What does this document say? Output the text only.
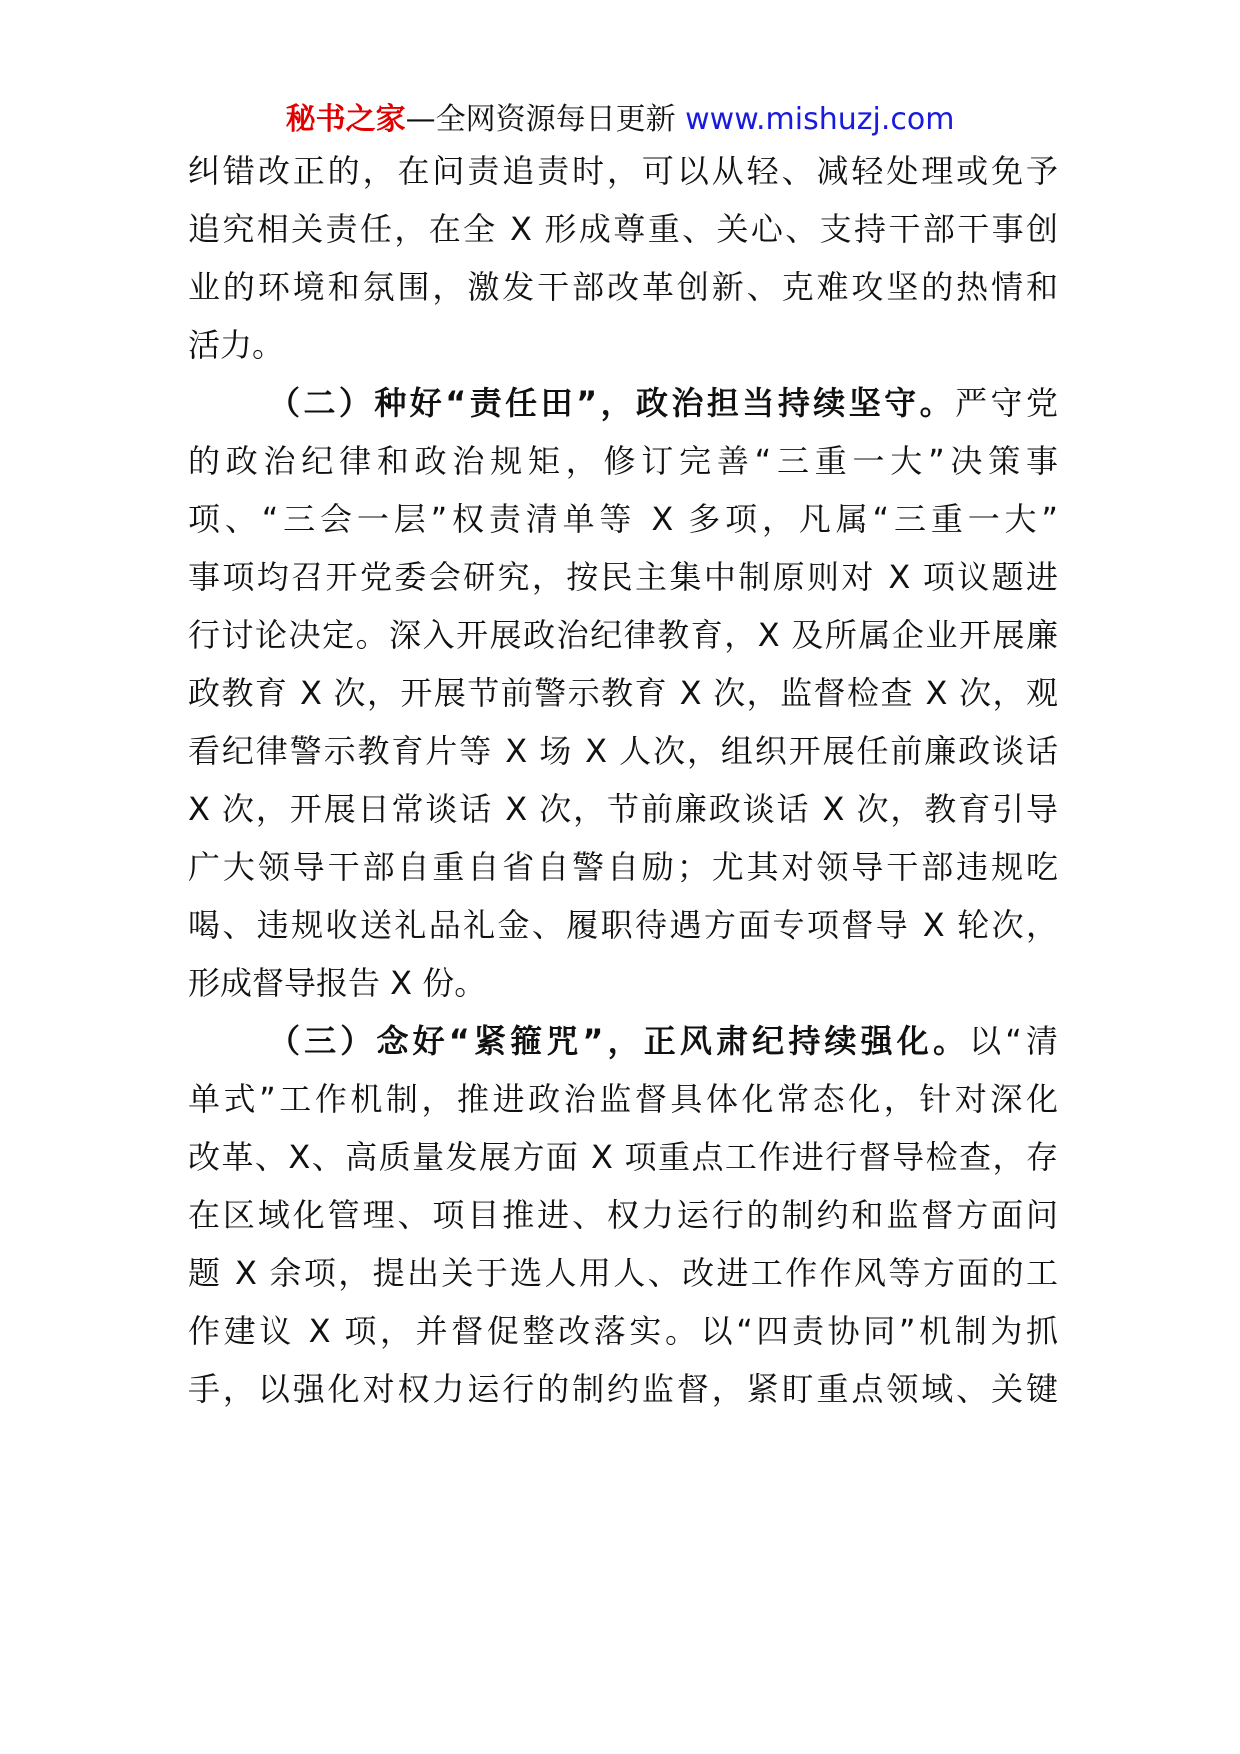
秘书之家—全网资源每日更新 www.mishuzj.com
纠错改正的，在问责追责时，可以从轻、减轻处理或免予
追究相关责任，在全 X 形成尊重、关心、支持干部干事创
业的环境和氛围，激发干部改革创新、克难攻坚的热情和
活力。
（二）种好“责任田”，政治担当持续坚守。严守党
的政治纪律和政治规矩，修订完善“三重一大”决策事
项、“三会一层”权责清单等 X 多项，凡属“三重一大”
事项均召开党委会研究，按民主集中制原则对 X 项议题进
行讨论决定。深入开展政治纪律教育，X 及所属企业开展廉
政教育 X 次，开展节前警示教育 X 次，监督检查 X 次，观
看纪律警示教育片等 X 场 X 人次，组织开展任前廉政谈话
X 次，开展日常谈话 X 次，节前廉政谈话 X 次，教育引导
广大领导干部自重自省自警自励；尤其对领导干部违规吃
喝、违规收送礼品礼金、履职待遇方面专项督导 X 轮次，
形成督导报告 X 份。
（三）念好“紧箍咒”，正风肃纪持续强化。以“清
单式”工作机制，推进政治监督具体化常态化，针对深化
改革、X、高质量发展方面 X 项重点工作进行督导检查，存
在区域化管理、项目推进、权力运行的制约和监督方面问
题 X 余项，提出关于选人用人、改进工作作风等方面的工
作建议 X 项，并督促整改落实。以“四责协同”机制为抓
手，以强化对权力运行的制约监督，紧盯重点领域、关键
